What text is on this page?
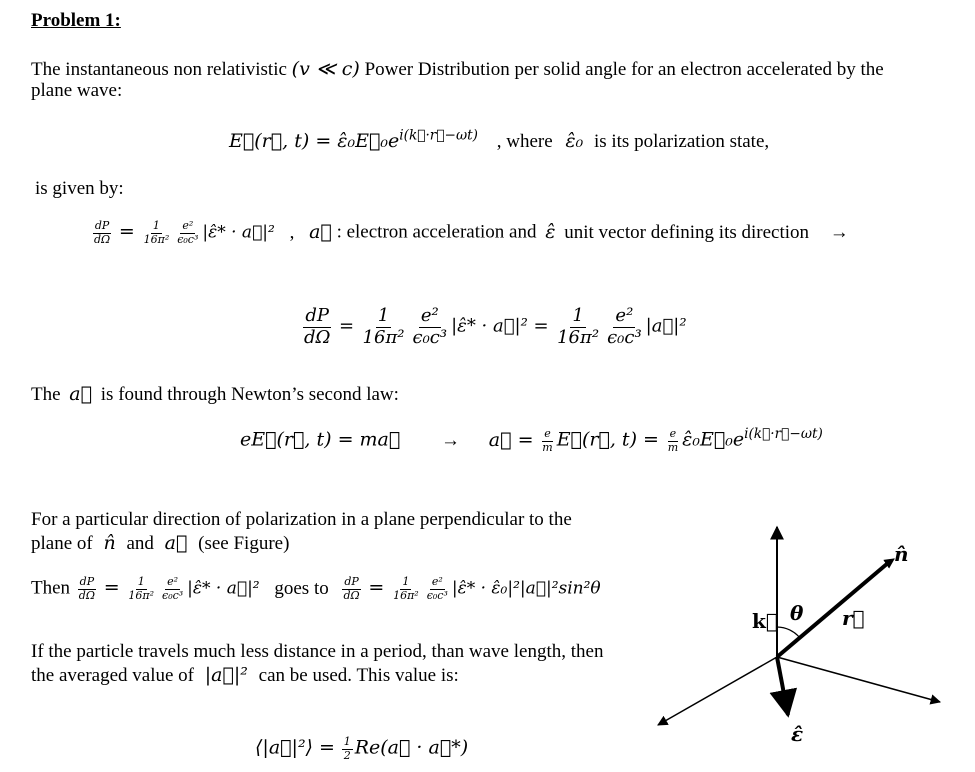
Problem 1:
The instantaneous non relativistic (v ≪ c) Power Distribution per solid angle for an electron accelerated by the
plane wave:
E⃗(r⃗, $t) = \varepsilon̂_0E⃗_0e^{i(k⃗\cdot r⃗-\omega t)}$ , where ε̂₀ is its polarization state,
is given by:
$\frac{dP}{d\Omega} = \frac{1}{\text{16π²}} \frac{\text{e²}}{\text{ϵ₀c³}}$ |ε̂* · a⃗|² , a⃗ : electron acceleration and ε̂ unit vector defining its direction →
$\frac{dP}{d\Omega} = \frac{1}{\text{16π²}} \frac{\text{e²}}{\text{ϵ₀c³}}$ |ε̂* · a⃗|² = $\frac{1}{\text{16π²}} \frac{\text{e²}}{\text{ϵ₀c³}}$ |a⃗|²
The a⃗ is found through Newton’s second law:
eE⃗(r⃗, t) = ma⃗ → a⃗ = $\frac{e}{m}$ E⃗(r⃗, $t) = \frac{e}{m}$ $\varepsilon̂_0E⃗_0e^{i(k⃗\cdot r⃗-\omega t)}$
For a particular direction of polarization in a plane perpendicular to the
plane of n̂ and a⃗ (see Figure)
Then $\frac{dP}{d\Omega} = \frac{1}{\text{16π²}} \frac{\text{e²}}{\text{ϵ₀c³}}$ |ε̂* · a⃗|² goes to $\frac{dP}{d\Omega} = \frac{1}{\text{16π²}} \frac{\text{e²}}{\text{ϵ₀c³}}$ |ε̂* · ε̂₀|²|a⃗|²sin²θ
If the particle travels much less distance in a period, than wave length, then
the averaged value of |a⃗|² can be used. This value is:
⟨|a⃗|²⟩ = $\frac{1}{2}$ Re(a⃗ · a⃗*)
k⃗ θ r⃗
n̂
ε̂
